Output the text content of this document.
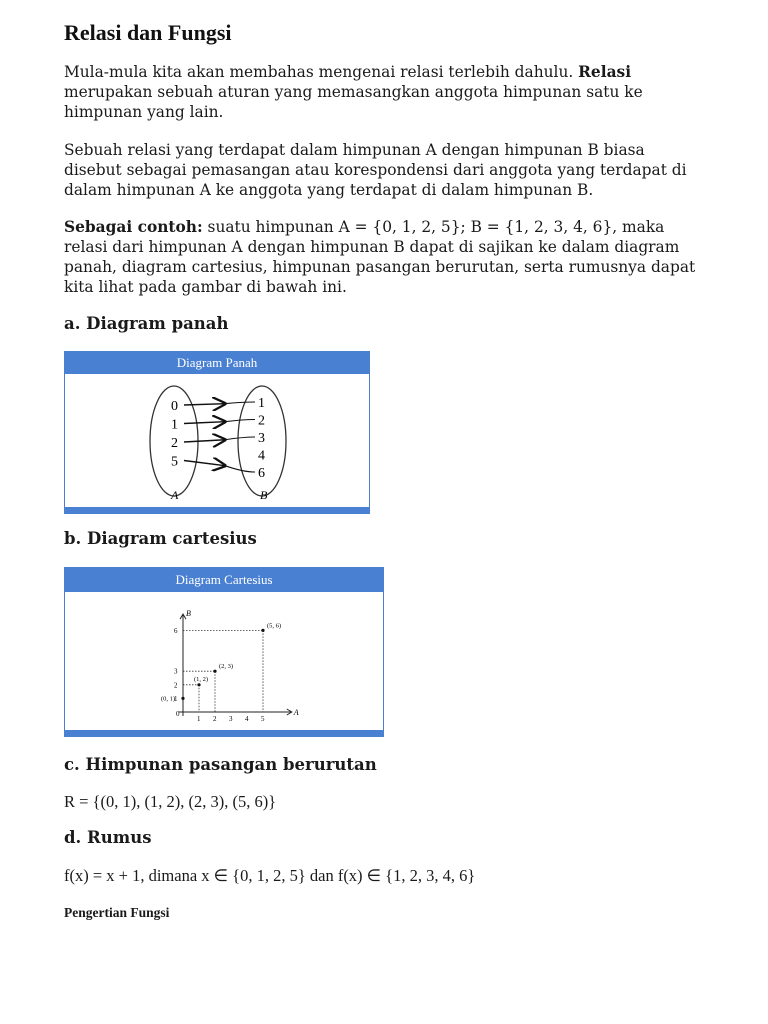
Relasi dan Fungsi

Mula-mula kita akan membahas mengenai relasi terlebih dahulu. Relasi merupakan sebuah aturan yang memasangkan anggota himpunan satu ke himpunan yang lain.

Sebuah relasi yang terdapat dalam himpunan A dengan himpunan B biasa disebut sebagai pemasangan atau korespondensi dari anggota yang terdapat di dalam himpunan A ke anggota yang terdapat di dalam himpunan B.

Sebagai contoh: suatu himpunan A = {0, 1, 2, 5}; B = {1, 2, 3, 4, 6}, maka relasi dari himpunan A dengan himpunan B dapat di sajikan ke dalam diagram panah, diagram cartesius, himpunan pasangan berurutan, serta rumusnya dapat kita lihat pada gambar di bawah ini.

a. Diagram panah
Diagram Panah
0
1
2
5
1
2
3
4
6
A	B
b. Diagram cartesius
Diagram Cartesius
B
A
0
1 2 3 4 5
1
2
3
6
(0, 1)
(1, 2)
(2, 3)
(5, 6)
c. Himpunan pasangan berurutan
R = {(0, 1), (1, 2), (2, 3), (5, 6)}
d. Rumus
f(x) = x + 1, dimana x ∈ {0, 1, 2, 5} dan f(x) ∈ {1, 2, 3, 4, 6}
Pengertian Fungsi
